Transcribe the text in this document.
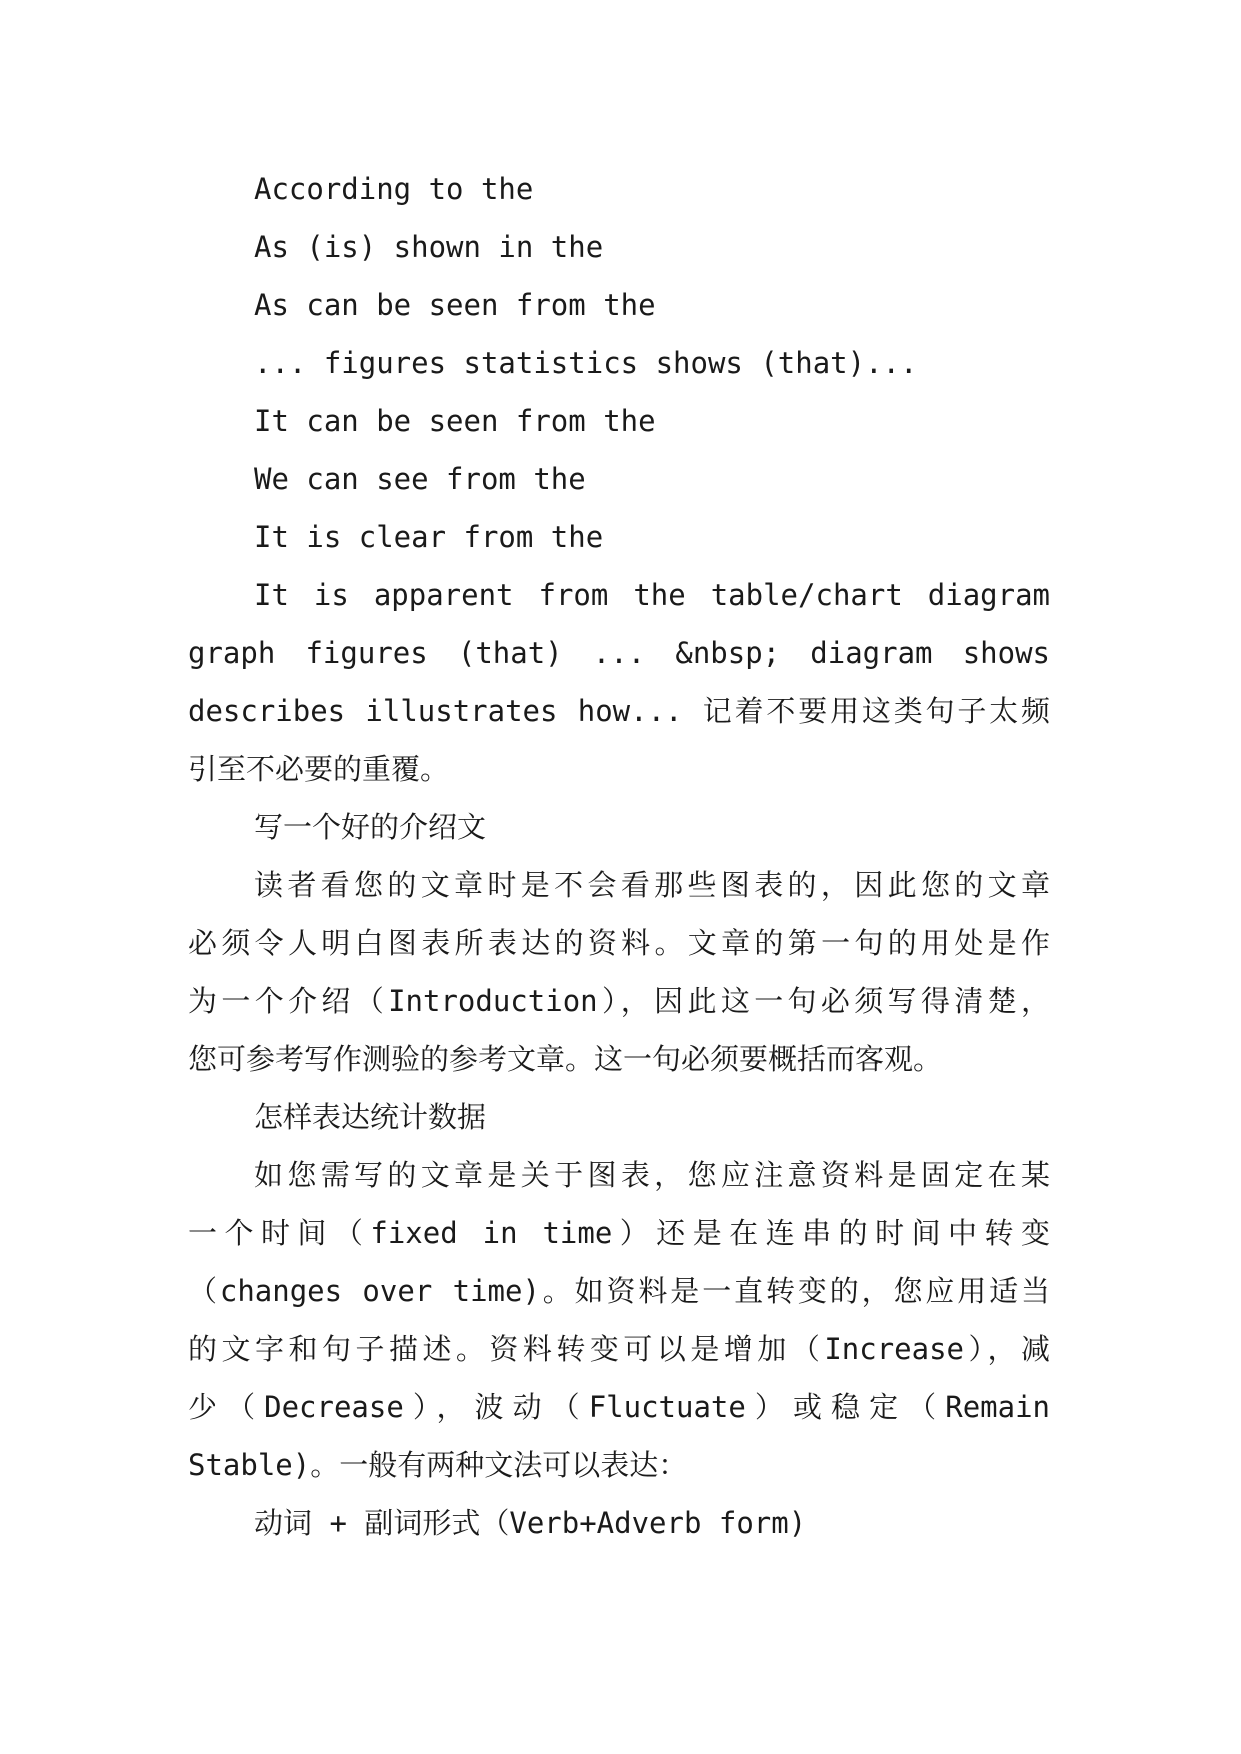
According to the
As (is) shown in the
As can be seen from the
... figures statistics shows (that)...
It can be seen from the
We can see from the
It is clear from the
It is apparent from the table/chart diagram
graph figures (that) ... &nbsp; diagram shows
describes illustrates how... 记着不要用这类句子太频
引至不必要的重覆。
写一个好的介绍文
读者看您的文章时是不会看那些图表的，因此您的文章
必须令人明白图表所表达的资料。文章的第一句的用处是作
为一个介绍（Introduction），因此这一句必须写得清楚，
您可参考写作测验的参考文章。这一句必须要概括而客观。
怎样表达统计数据
如您需写的文章是关于图表，您应注意资料是固定在某
一个时间（fixed in time）还是在连串的时间中转变
（changes over time)。如资料是一直转变的，您应用适当
的文字和句子描述。资料转变可以是增加（Increase），减
少（Decrease），波动（Fluctuate）或稳定（Remain
Stable)。一般有两种文法可以表达：
动词 + 副词形式（Verb+Adverb form)
